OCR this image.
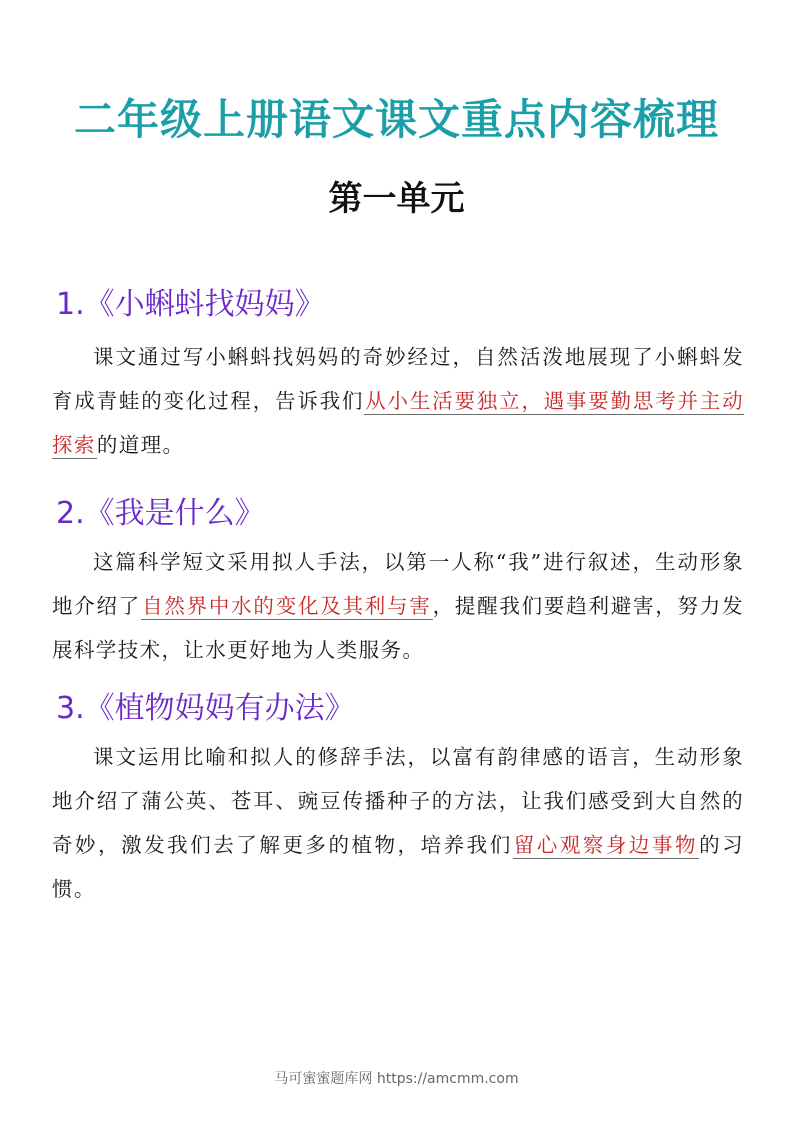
二年级上册语文课文重点内容梳理
第一单元
1.《小蝌蚪找妈妈》

课文通过写小蝌蚪找妈妈的奇妙经过，自然活泼地展现了小蝌蚪发育成青蛙的变化过程，告诉我们从小生活要独立，遇事要勤思考并主动探索的道理。

2.《我是什么》

这篇科学短文采用拟人手法，以第一人称“我”进行叙述，生动形象地介绍了自然界中水的变化及其利与害，提醒我们要趋利避害，努力发展科学技术，让水更好地为人类服务。

3.《植物妈妈有办法》

课文运用比喻和拟人的修辞手法，以富有韵律感的语言，生动形象地介绍了蒲公英、苍耳、豌豆传播种子的方法，让我们感受到大自然的奇妙，激发我们去了解更多的植物，培养我们留心观察身边事物的习惯。

马可蜜蜜题库网 https://amcmm.com
